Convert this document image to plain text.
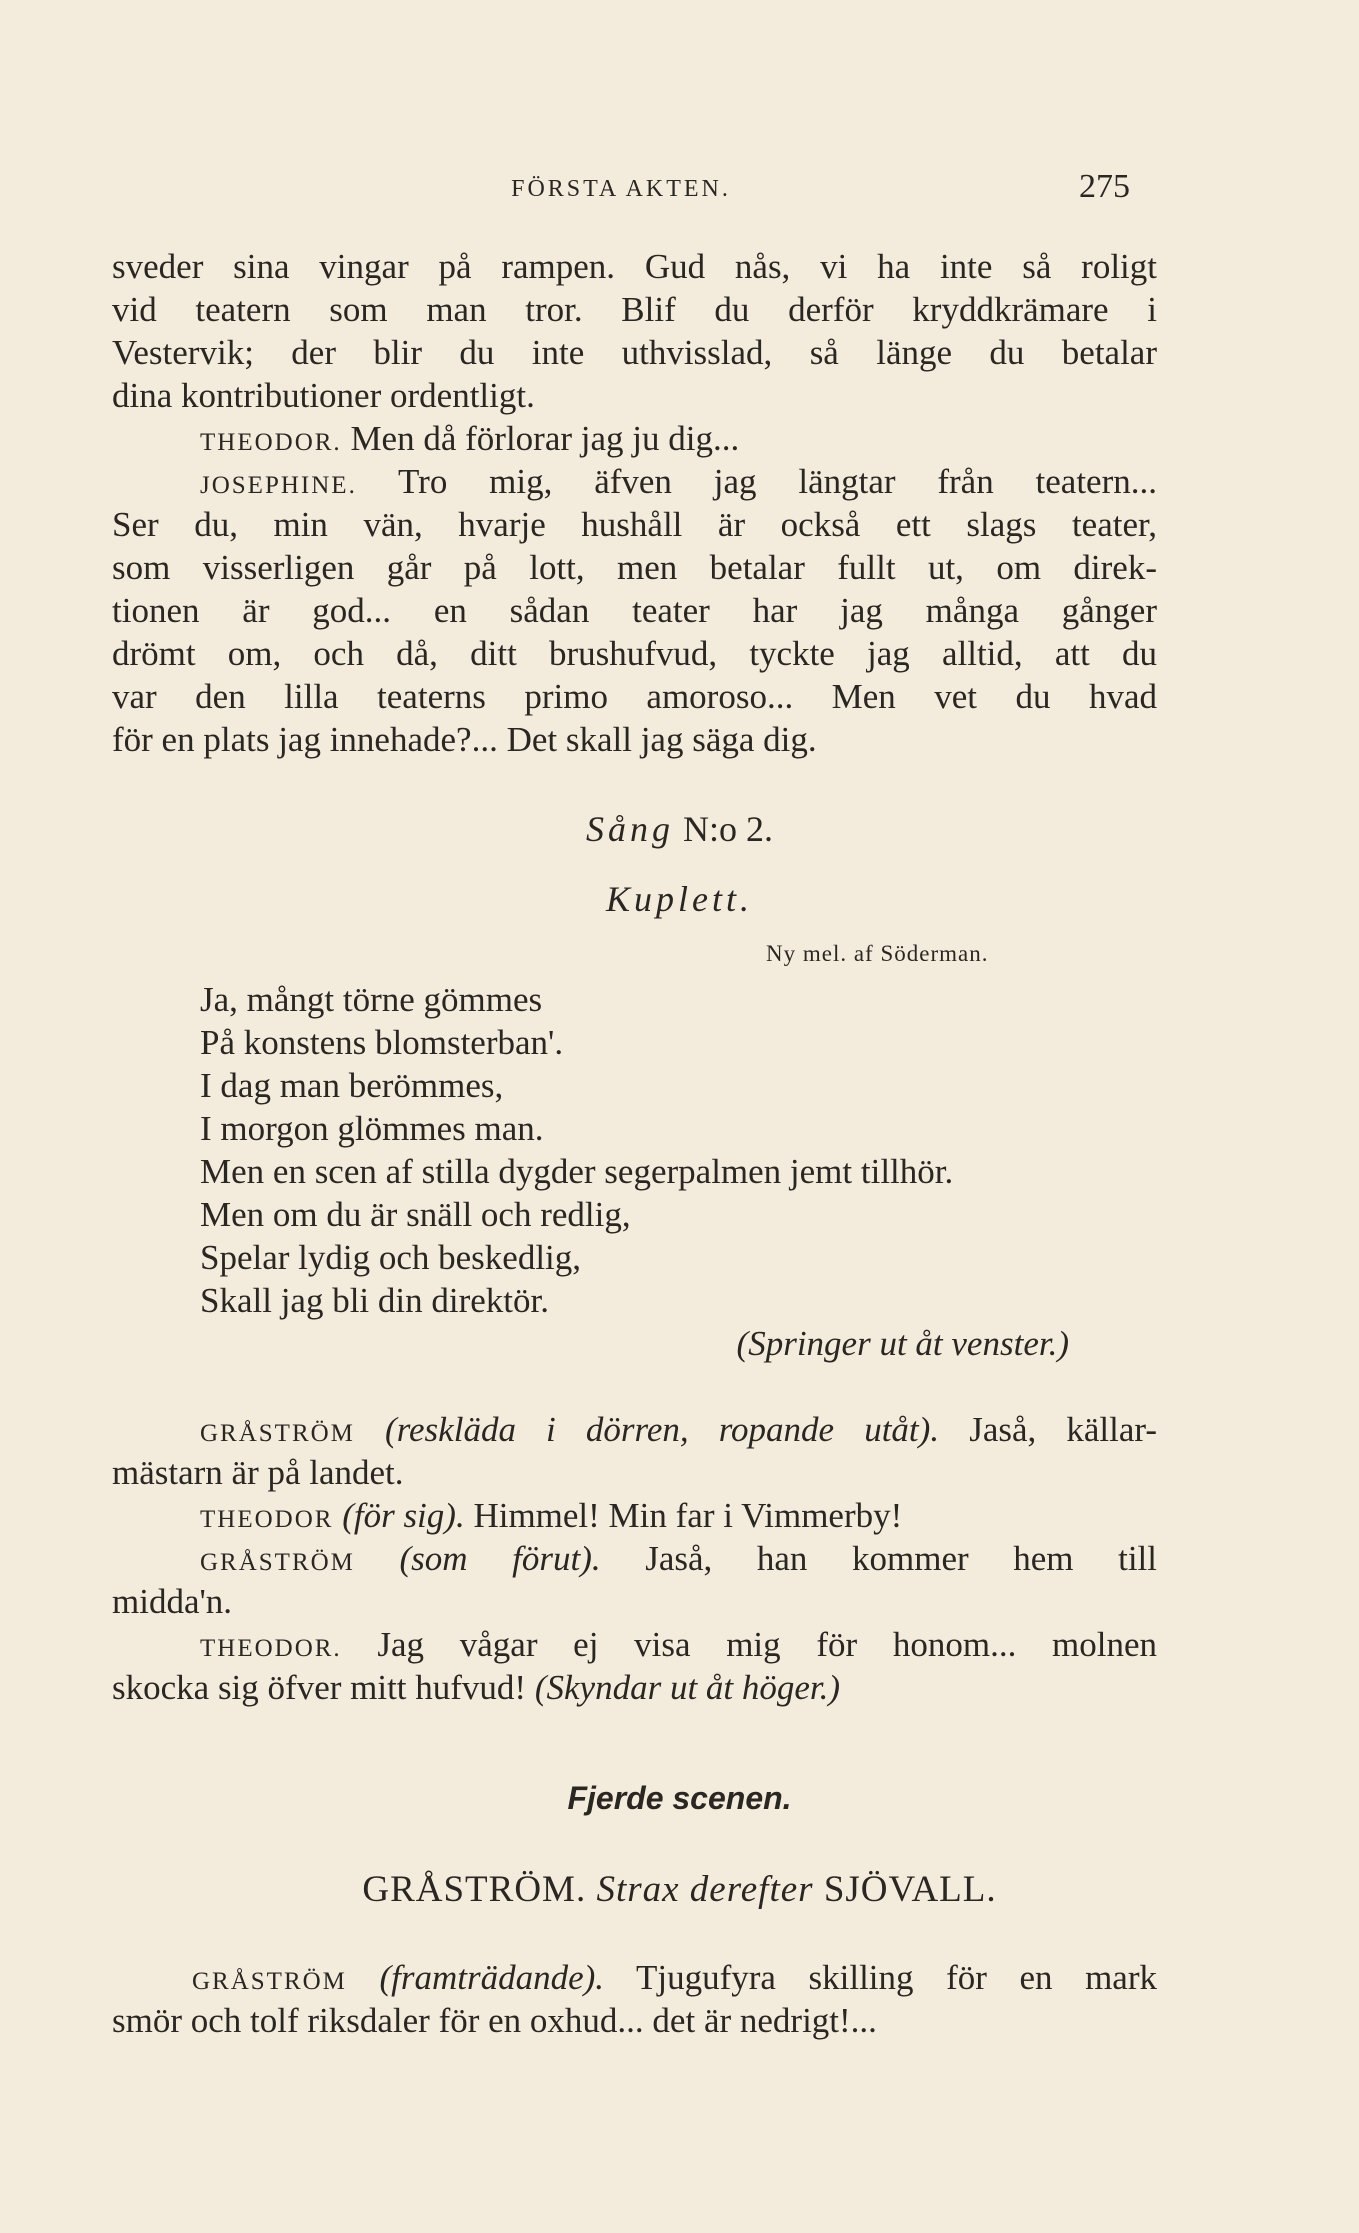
FÖRSTA AKTEN.	275
sveder sina vingar på rampen. Gud nås, vi ha inte så roligt
vid teatern som man tror. Blif du derför kryddkrämare i
Vestervik; der blir du inte uthvisslad, så länge du betalar
dina kontributioner ordentligt.
THEODOR. Men då förlorar jag ju dig...
JOSEPHINE. Tro mig, äfven jag längtar från teatern...
Ser du, min vän, hvarje hushåll är också ett slags teater,
som visserligen går på lott, men betalar fullt ut, om direk-
tionen är god... en sådan teater har jag många gånger
drömt om, och då, ditt brushufvud, tyckte jag alltid, att du
var den lilla teaterns primo amoroso... Men vet du hvad
för en plats jag innehade?... Det skall jag säga dig.
Sång N:o 2.
Kuplett.
Ny mel. af Söderman.
Ja, mångt törne gömmes
På konstens blomsterban'.
I dag man berömmes,
I morgon glömmes man.
Men en scen af stilla dygder segerpalmen jemt tillhör.
Men om du är snäll och redlig,
Spelar lydig och beskedlig,
Skall jag bli din direktör.
(Springer ut åt venster.)
GRÅSTRÖM (reskläda i dörren, ropande utåt). Jaså, källar-
mästarn är på landet.
THEODOR (för sig). Himmel! Min far i Vimmerby!
GRÅSTRÖM (som förut). Jaså, han kommer hem till
midda'n.
THEODOR. Jag vågar ej visa mig för honom... molnen
skocka sig öfver mitt hufvud! (Skyndar ut åt höger.)
Fjerde scenen.
GRÅSTRÖM. Strax derefter SJÖVALL.
GRÅSTRÖM (framträdande). Tjugufyra skilling för en mark
smör och tolf riksdaler för en oxhud... det är nedrigt!...
